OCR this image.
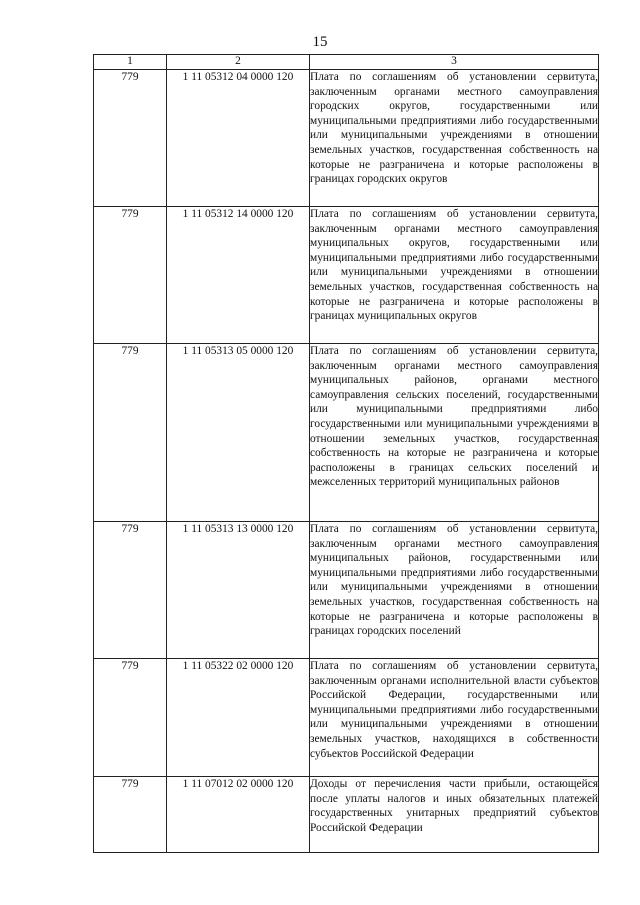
15
1	2	3
779	1 11 05312 04 0000 120	Плата по соглашениям об установлении сервитута, заключенным органами местного самоуправления городских округов, государственными или муниципальными предприятиями либо государственными или муниципальными учреждениями в отношении земельных участков, государственная собственность на которые не разграничена и которые расположены в границах городских округов
779	1 11 05312 14 0000 120	Плата по соглашениям об установлении сервитута, заключенным органами местного самоуправления муниципальных округов, государственными или муниципальными предприятиями либо государственными или муниципальными учреждениями в отношении земельных участков, государственная собственность на которые не разграничена и которые расположены в границах муниципальных округов
779	1 11 05313 05 0000 120	Плата по соглашениям об установлении сервитута, заключенным органами местного самоуправления муниципальных районов, органами местного самоуправления сельских поселений, государственными или муниципальными предприятиями либо государственными или муниципальными учреждениями в отношении земельных участков, государственная собственность на которые не разграничена и которые расположены в границах сельских поселений и межселенных территорий муниципальных районов
779	1 11 05313 13 0000 120	Плата по соглашениям об установлении сервитута, заключенным органами местного самоуправления муниципальных районов, государственными или муниципальными предприятиями либо государственными или муниципальными учреждениями в отношении земельных участков, государственная собственность на которые не разграничена и которые расположены в границах городских поселений
779	1 11 05322 02 0000 120	Плата по соглашениям об установлении сервитута, заключенным органами исполнительной власти субъектов Российской Федерации, государственными или муниципальными предприятиями либо государственными или муниципальными учреждениями в отношении земельных участков, находящихся в собственности субъектов Российской Федерации
779	1 11 07012 02 0000 120	Доходы от перечисления части прибыли, остающейся после уплаты налогов и иных обязательных платежей государственных унитарных предприятий субъектов Российской Федерации
